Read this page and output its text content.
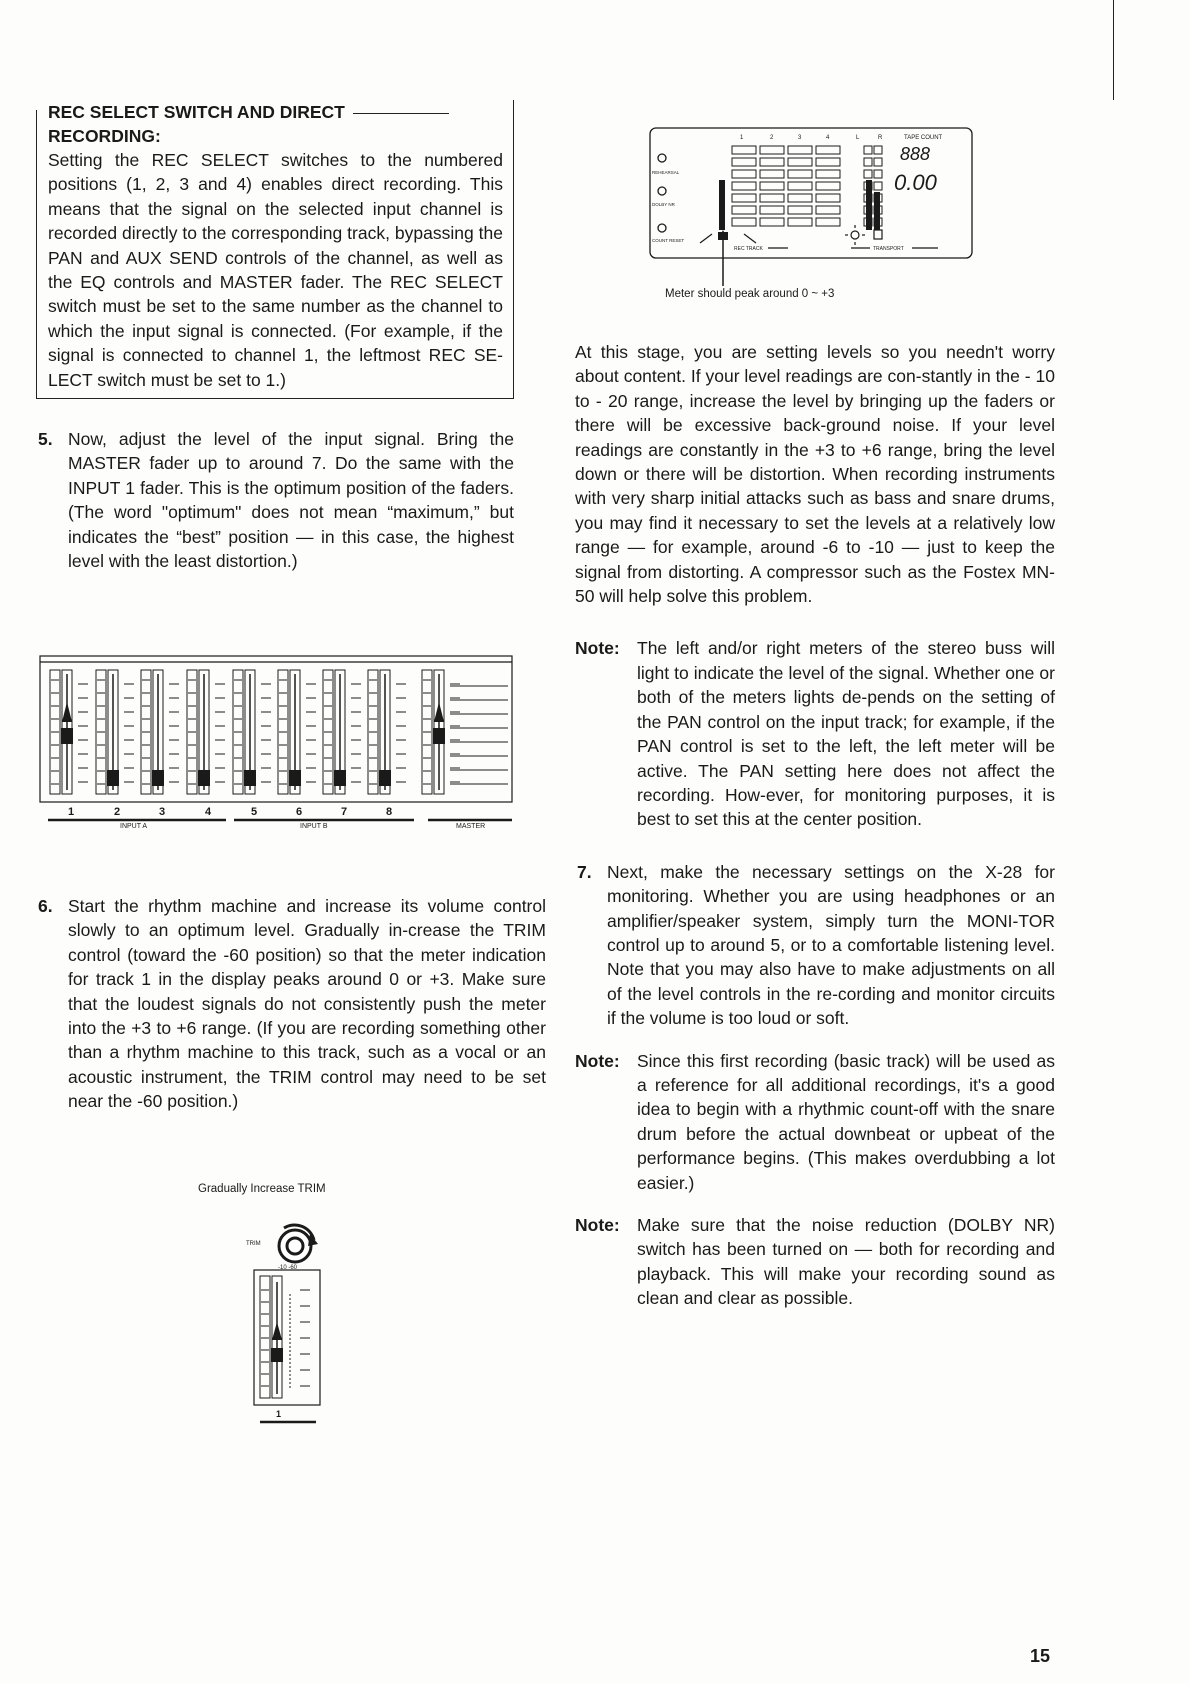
REC SELECT SWITCH AND DIRECT
RECORDING:
Setting the REC SELECT switches to the numbered positions (1, 2, 3 and 4) enables direct recording. This means that the signal on the selected input channel is recorded directly to the corresponding track, bypassing the PAN and AUX SEND controls of the channel, as well as the EQ controls and MASTER fader. The REC SELECT switch must be set to the same number as the channel to which the input signal is connected. (For example, if the signal is connected to channel 1, the leftmost REC SE-LECT switch must be set to 1.)
5. Now, adjust the level of the input signal. Bring the MASTER fader up to around 7. Do the same with the INPUT 1 fader. This is the optimum position of the faders. (The word "optimum" does not mean “maximum,” but indicates the “best” position — in this case, the highest level with the least distortion.)
6. Start the rhythm machine and increase its volume control slowly to an optimum level. Gradually in-crease the TRIM control (toward the -60 position) so that the meter indication for track 1 in the display peaks around 0 or +3. Make sure that the loudest signals do not consistently push the meter into the +3 to +6 range. (If you are recording something other than a rhythm machine to this track, such as a vocal or an acoustic instrument, the TRIM control may need to be set near the -60 position.)
1	2	3	4	5	6	7	8
INPUT A	INPUT B	MASTER
Gradually Increase TRIM
TRIM
-10 -60
1
1	2	3	4	L	R	TAPE COUNT
REHEARSAL
DOLBY NR
COUNT RESET
REC TRACK	TRANSPORT
888
0.00
Meter should peak around 0 ~ +3
At this stage, you are setting levels so you needn't worry about content. If your level readings are con-stantly in the - 10 to - 20 range, increase the level by bringing up the faders or there will be excessive back-ground noise. If your level readings are constantly in the +3 to +6 range, bring the level down or there will be distortion. When recording instruments with very sharp initial attacks such as bass and snare drums, you may find it necessary to set the levels at a relatively low range — for example, around -6 to -10 — just to keep the signal from distorting. A compressor such as the Fostex MN-50 will help solve this problem.
Note: The left and/or right meters of the stereo buss will light to indicate the level of the signal. Whether one or both of the meters lights de-pends on the setting of the PAN control on the input track; for example, if the PAN control is set to the left, the left meter will be active. The PAN setting here does not affect the recording. How-ever, for monitoring purposes, it is best to set this at the center position.
7. Next, make the necessary settings on the X-28 for monitoring. Whether you are using headphones or an amplifier/speaker system, simply turn the MONI-TOR control up to around 5, or to a comfortable listening level. Note that you may also have to make adjustments on all of the level controls in the re-cording and monitor circuits if the volume is too loud or soft.
Note: Since this first recording (basic track) will be used as a reference for all additional recordings, it's a good idea to begin with a rhythmic count-off with the snare drum before the actual downbeat or upbeat of the performance begins. (This makes overdubbing a lot easier.)
Note: Make sure that the noise reduction (DOLBY NR) switch has been turned on — both for recording and playback. This will make your recording sound as clean and clear as possible.
15
